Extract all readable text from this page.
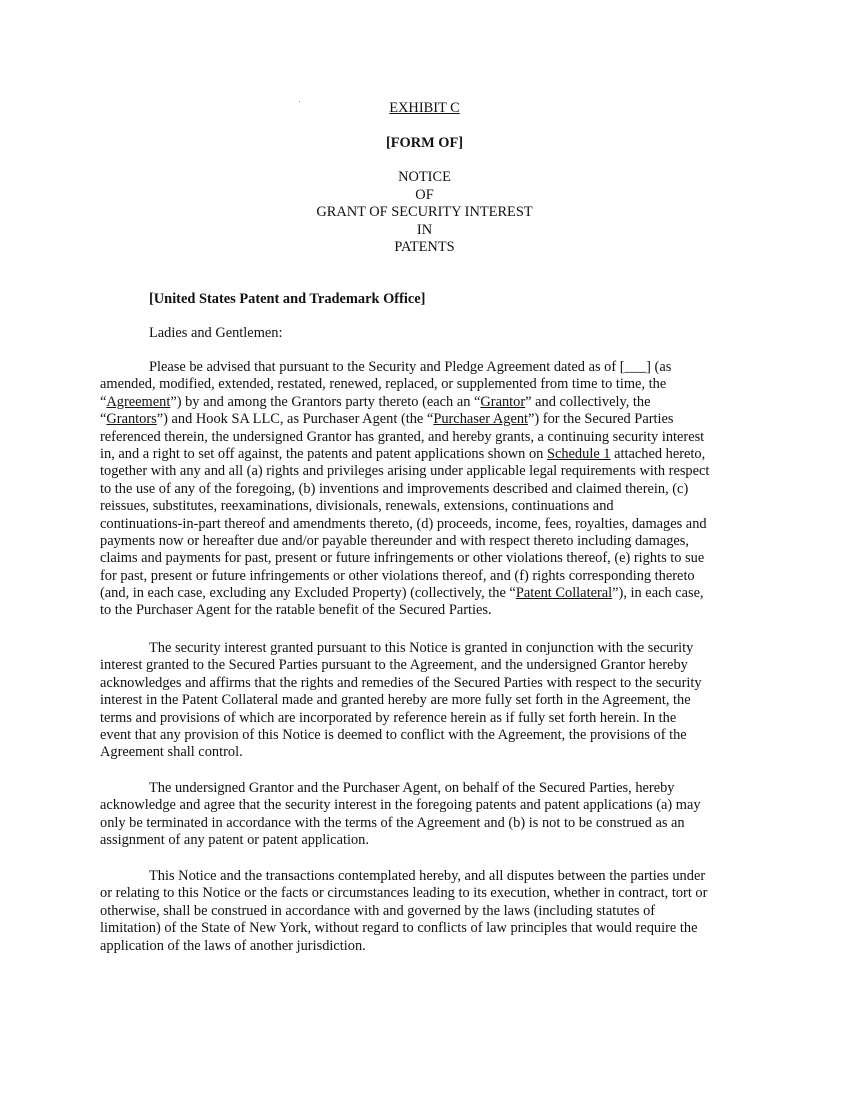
EXHIBIT C
[FORM OF]
NOTICE
OF
GRANT OF SECURITY INTEREST
IN
PATENTS
[United States Patent and Trademark Office]
Ladies and Gentlemen:
Please be advised that pursuant to the Security and Pledge Agreement dated as of [___] (as
amended, modified, extended, restated, renewed, replaced, or supplemented from time to time, the
“Agreement”) by and among the Grantors party thereto (each an “Grantor” and collectively, the
“Grantors”) and Hook SA LLC, as Purchaser Agent (the “Purchaser Agent”) for the Secured Parties
referenced therein, the undersigned Grantor has granted, and hereby grants, a continuing security interest
in, and a right to set off against, the patents and patent applications shown on Schedule 1 attached hereto,
together with any and all (a) rights and privileges arising under applicable legal requirements with respect
to the use of any of the foregoing, (b) inventions and improvements described and claimed therein, (c)
reissues, substitutes, reexaminations, divisionals, renewals, extensions, continuations and
continuations-in-part thereof and amendments thereto, (d) proceeds, income, fees, royalties, damages and
payments now or hereafter due and/or payable thereunder and with respect thereto including damages,
claims and payments for past, present or future infringements or other violations thereof, (e) rights to sue
for past, present or future infringements or other violations thereof, and (f) rights corresponding thereto
(and, in each case, excluding any Excluded Property) (collectively, the “Patent Collateral”), in each case,
to the Purchaser Agent for the ratable benefit of the Secured Parties.
The security interest granted pursuant to this Notice is granted in conjunction with the security
interest granted to the Secured Parties pursuant to the Agreement, and the undersigned Grantor hereby
acknowledges and affirms that the rights and remedies of the Secured Parties with respect to the security
interest in the Patent Collateral made and granted hereby are more fully set forth in the Agreement, the
terms and provisions of which are incorporated by reference herein as if fully set forth herein. In the
event that any provision of this Notice is deemed to conflict with the Agreement, the provisions of the
Agreement shall control.
The undersigned Grantor and the Purchaser Agent, on behalf of the Secured Parties, hereby
acknowledge and agree that the security interest in the foregoing patents and patent applications (a) may
only be terminated in accordance with the terms of the Agreement and (b) is not to be construed as an
assignment of any patent or patent application.
This Notice and the transactions contemplated hereby, and all disputes between the parties under
or relating to this Notice or the facts or circumstances leading to its execution, whether in contract, tort or
otherwise, shall be construed in accordance with and governed by the laws (including statutes of
limitation) of the State of New York, without regard to conflicts of law principles that would require the
application of the laws of another jurisdiction.
